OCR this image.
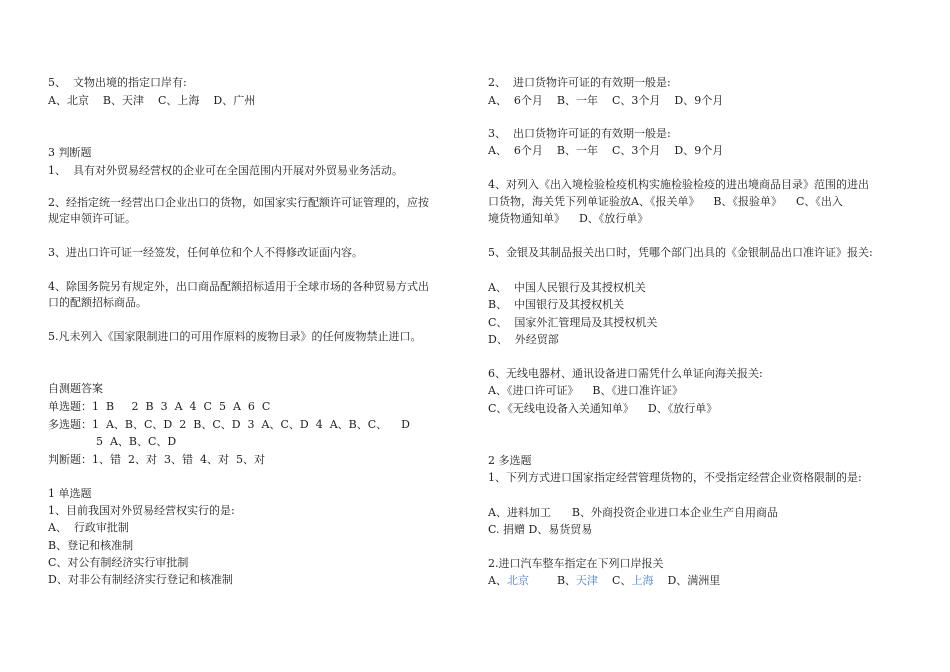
5、  文物出境的指定口岸有:
A、北京    B、天津    C、上海    D、广州
3 判断题
1、  具有对外贸易经营权的企业可在全国范围内开展对外贸易业务活动。
2、经指定统一经营出口企业出口的货物，如国家实行配额许可证管理的，应按
规定申领许可证。
3、进出口许可证一经签发，任何单位和个人不得修改证面内容。
4、除国务院另有规定外，出口商品配额招标适用于全球市场的各种贸易方式出
口的配额招标商品。
5.凡未列入《国家限制进口的可用作原料的废物目录》的任何废物禁止进口。
自测题答案
单选题：1  B     2  B  3  A  4  C  5  A  6  C
多选题：1  A、B、C、D  2  B、C、D  3  A、C、D  4  A、B、C、    D
5  A、B、C、D
判断题：1、错  2、对  3、错  4、对  5、对
1 单选题
1、目前我国对外贸易经营权实行的是:
A、  行政审批制
B、登记和核准制
C、对公有制经济实行审批制
D、对非公有制经济实行登记和核准制
2、  进口货物许可证的有效期一般是:
A、  6个月    B、一年    C、3个月    D、9个月
3、  出口货物许可证的有效期一般是:
A、  6个月    B、一年    C、3个月    D、9个月
4、对列入《出入境检验检疫机构实施检验检疫的进出境商品目录》范围的进出
口货物，海关凭下列单证验放A、《报关单》    B、《报验单》    C、《出入
境货物通知单》    D、《放行单》
5、金银及其制品报关出口时，凭哪个部门出具的《金银制品出口准许证》报关:
A、  中国人民银行及其授权机关
B、  中国银行及其授权机关
C、  国家外汇管理局及其授权机关
D、  外经贸部
6、无线电器材、通讯设备进口需凭什么单证向海关报关:
A、《进口许可证》    B、《进口准许证》
C、《无线电设备入关通知单》    D、《放行单》
2 多选题
1、下列方式进口国家指定经营管理货物的，不受指定经营企业资格限制的是:
A、进料加工      B、外商投资企业进口本企业生产自用商品
C. 捐赠 D、易货贸易
2.进口汽车整车指定在下列口岸报关
A、北京	B、天津 C、上海 D、满洲里
